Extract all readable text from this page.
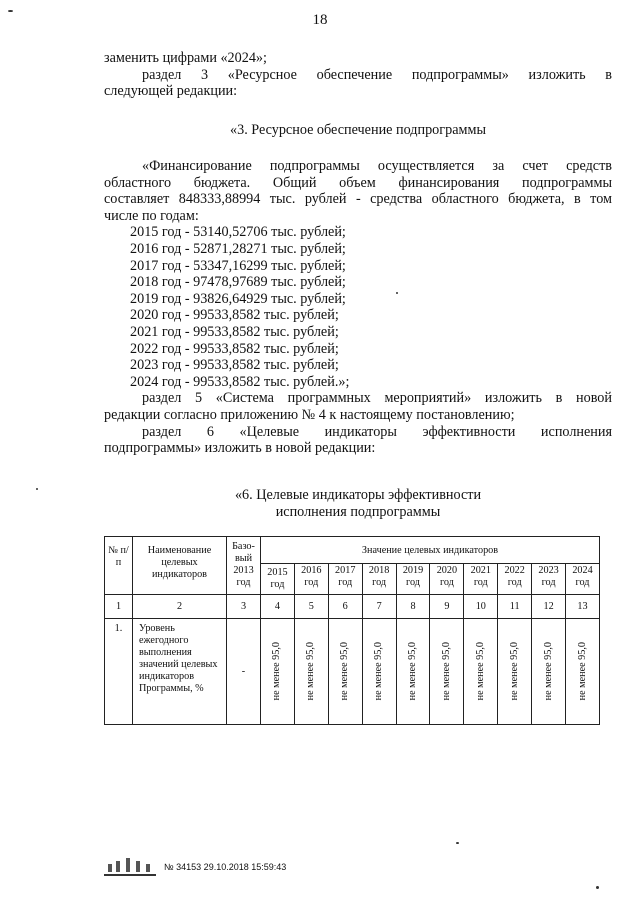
18

заменить цифрами «2024»;

раздел 3 «Ресурсное обеспечение подпрограммы» изложить в

следующей редакции:

«3. Ресурсное обеспечение подпрограммы

«Финансирование подпрограммы осуществляется за счет средств

областного бюджета. Общий объем финансирования подпрограммы

составляет 848333,88994 тыс. рублей - средства областного бюджета, в том

числе по годам:

2015 год - 53140,52706 тыс. рублей;

2016 год - 52871,28271 тыс. рублей;

2017 год - 53347,16299 тыс. рублей;

2018 год - 97478,97689 тыс. рублей;

2019 год - 93826,64929 тыс. рублей;

2020 год - 99533,8582 тыс. рублей;

2021 год - 99533,8582 тыс. рублей;

2022 год - 99533,8582 тыс. рублей;

2023 год - 99533,8582 тыс. рублей;

2024 год - 99533,8582 тыс. рублей.»;

раздел 5 «Система программных мероприятий» изложить в новой

редакции согласно приложению № 4 к настоящему постановлению;

раздел 6 «Целевые индикаторы эффективности исполнения

подпрограммы» изложить в новой редакции:

«6. Целевые индикаторы эффективности

исполнения подпрограммы

№ п/п	Наименование целевых индикаторов	Базо- вый 2013 год	Значение целевых индикаторов									
			2015 год	2016 год	2017 год	2018 год	2019 год	2020 год	2021 год	2022 год	2023 год	2024 год
1	2	3	4	5	6	7	8	9	10	11	12	13
1.	Уровень ежегодного выполнения значений целевых индикаторов Программы, %	-	не менее 95,0	не менее 95,0	не менее 95,0	не менее 95,0	не менее 95,0	не менее 95,0	не менее 95,0	не менее 95,0	не менее 95,0	не менее 95,0
№ 34153 29.10.2018 15:59:43
